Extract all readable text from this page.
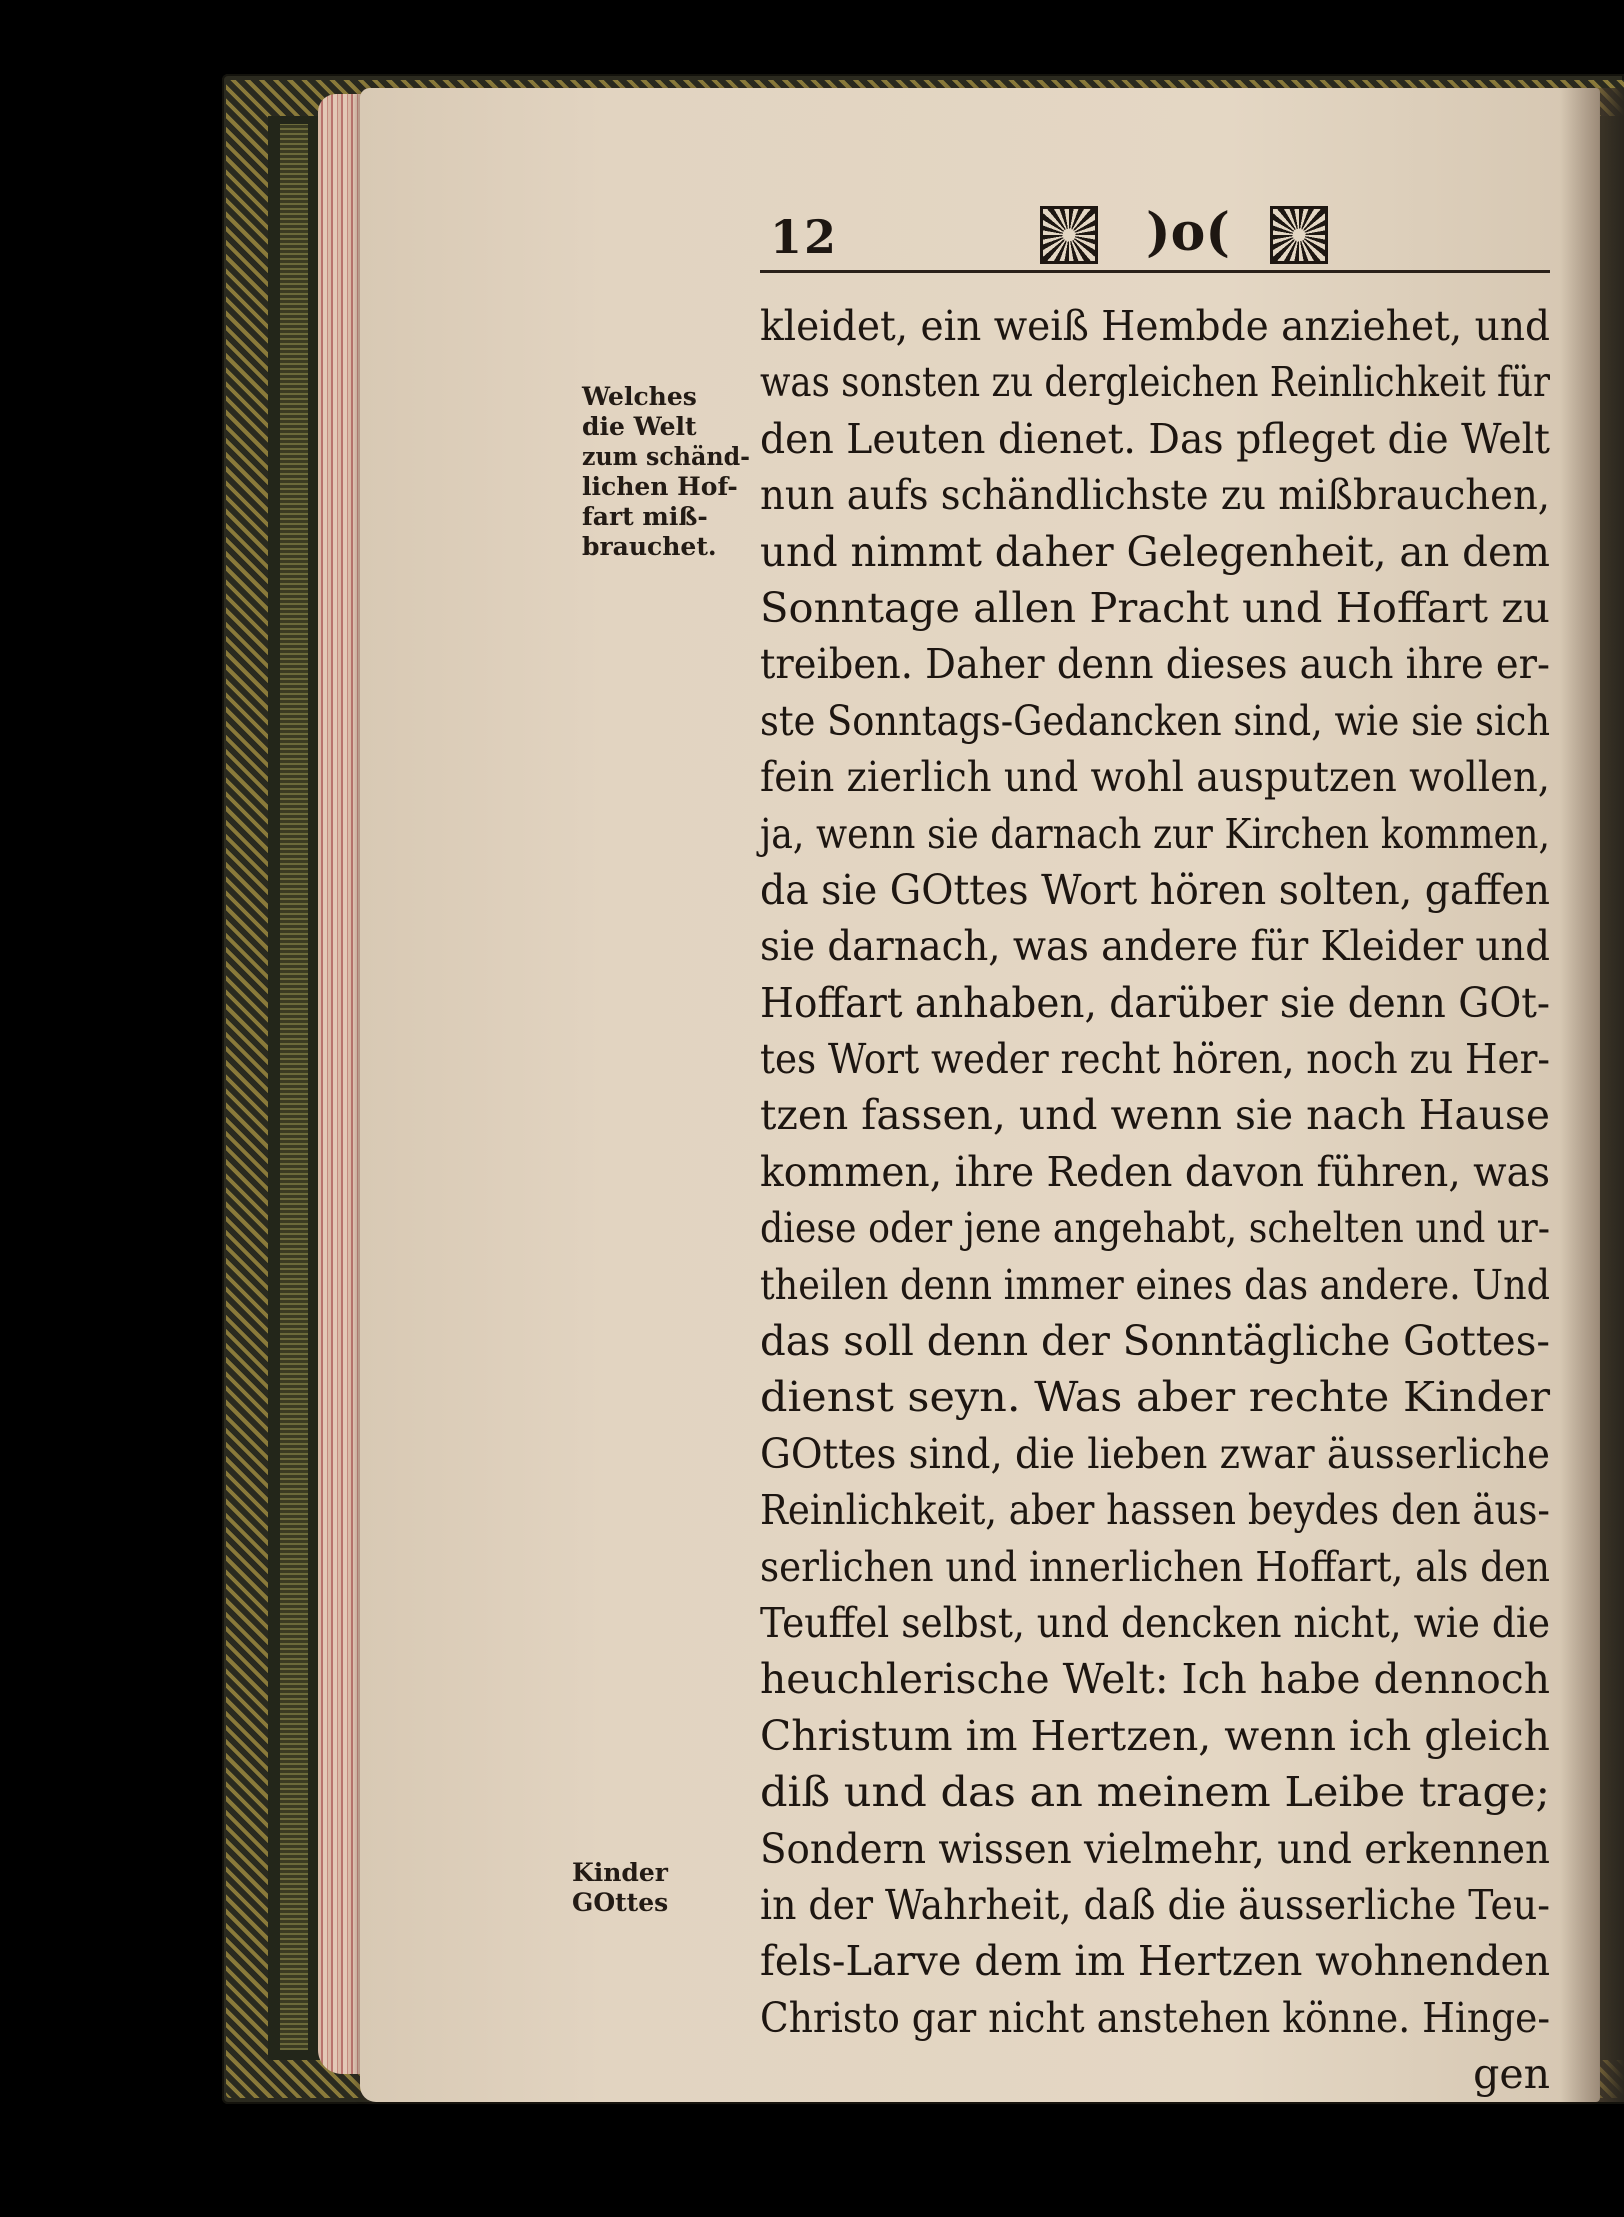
12	)o(
Welches
die Welt
zum schänd-
lichen Hof-
fart miß-
brauchet.
Kinder
GOttes
kleidet, ein weiß Hembde anziehet, und
was sonsten zu dergleichen Reinlichkeit für
den Leuten dienet. Das pfleget die Welt
nun aufs schändlichste zu mißbrauchen,
und nimmt daher Gelegenheit, an dem
Sonntage allen Pracht und Hoffart zu
treiben. Daher denn dieses auch ihre er-
ste Sonntags-Gedancken sind, wie sie sich
fein zierlich und wohl ausputzen wollen,
ja, wenn sie darnach zur Kirchen kommen,
da sie GOttes Wort hören solten, gaffen
sie darnach, was andere für Kleider und
Hoffart anhaben, darüber sie denn GOt-
tes Wort weder recht hören, noch zu Her-
tzen fassen, und wenn sie nach Hause
kommen, ihre Reden davon führen, was
diese oder jene angehabt, schelten und ur-
theilen denn immer eines das andere. Und
das soll denn der Sonntägliche Gottes-
dienst seyn. Was aber rechte Kinder
GOttes sind, die lieben zwar äusserliche
Reinlichkeit, aber hassen beydes den äus-
serlichen und innerlichen Hoffart, als den
Teuffel selbst, und dencken nicht, wie die
heuchlerische Welt: Ich habe dennoch
Christum im Hertzen, wenn ich gleich
diß und das an meinem Leibe trage;
Sondern wissen vielmehr, und erkennen
in der Wahrheit, daß die äusserliche Teu-
fels-Larve dem im Hertzen wohnenden
Christo gar nicht anstehen könne. Hinge-
gen
